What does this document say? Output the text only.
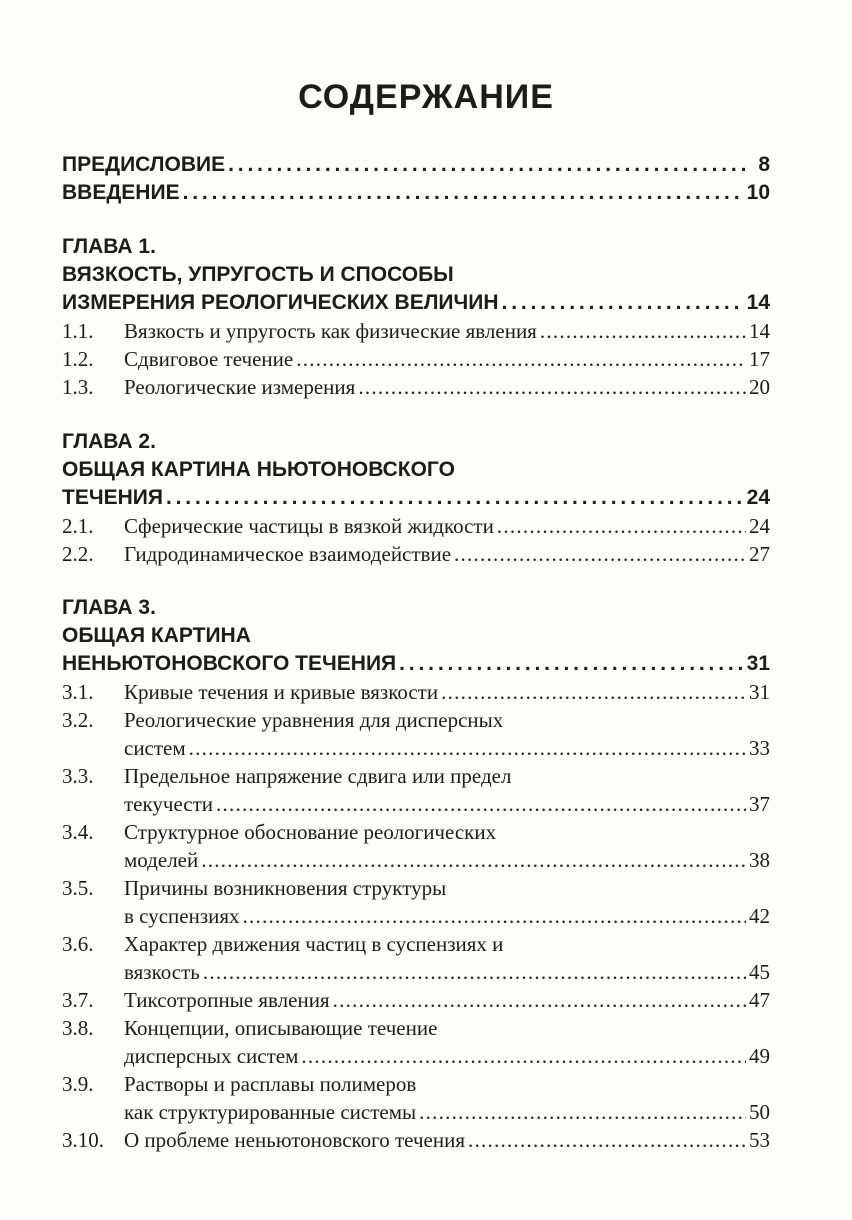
СОДЕРЖАНИЕ
ПРЕДИСЛОВИЕ . . .	8
ВВЕДЕНИЕ . . .	10
ГЛАВА 1.
ВЯЗКОСТЬ, УПРУГОСТЬ И СПОСОБЫ
ИЗМЕРЕНИЯ РЕОЛОГИЧЕСКИХ ВЕЛИЧИН . . .	14
1.1.	Вязкость и упругость как физические явления . . .	14
1.2.	Сдвиговое течение . . .	17
1.3.	Реологические измерения . . .	20
ГЛАВА 2.
ОБЩАЯ КАРТИНА НЬЮТОНОВСКОГО
ТЕЧЕНИЯ . . .	24
2.1.	Сферические частицы в вязкой жидкости . . .	24
2.2.	Гидродинамическое взаимодействие . . .	27
ГЛАВА 3.
ОБЩАЯ КАРТИНА
НЕНЬЮТОНОВСКОГО ТЕЧЕНИЯ . . .	31
3.1.	Кривые течения и кривые вязкости . . .	31
3.2. Реологические уравнения для дисперсных
систем . . .	33
3.3. Предельное напряжение сдвига или предел
текучести . . .	37
3.4. Структурное обоснование реологических
моделей . . .	38
3.5. Причины возникновения структуры
в суспензиях . . .	42
3.6. Характер движения частиц в суспензиях и
вязкость . . .	45
3.7.	Тиксотропные явления . . .	47
3.8. Концепции, описывающие течение
дисперсных систем . . .	49
3.9. Растворы и расплавы полимеров
как структурированные системы . . .	50
3.10. О проблеме неньютоновского течения . . .	53
